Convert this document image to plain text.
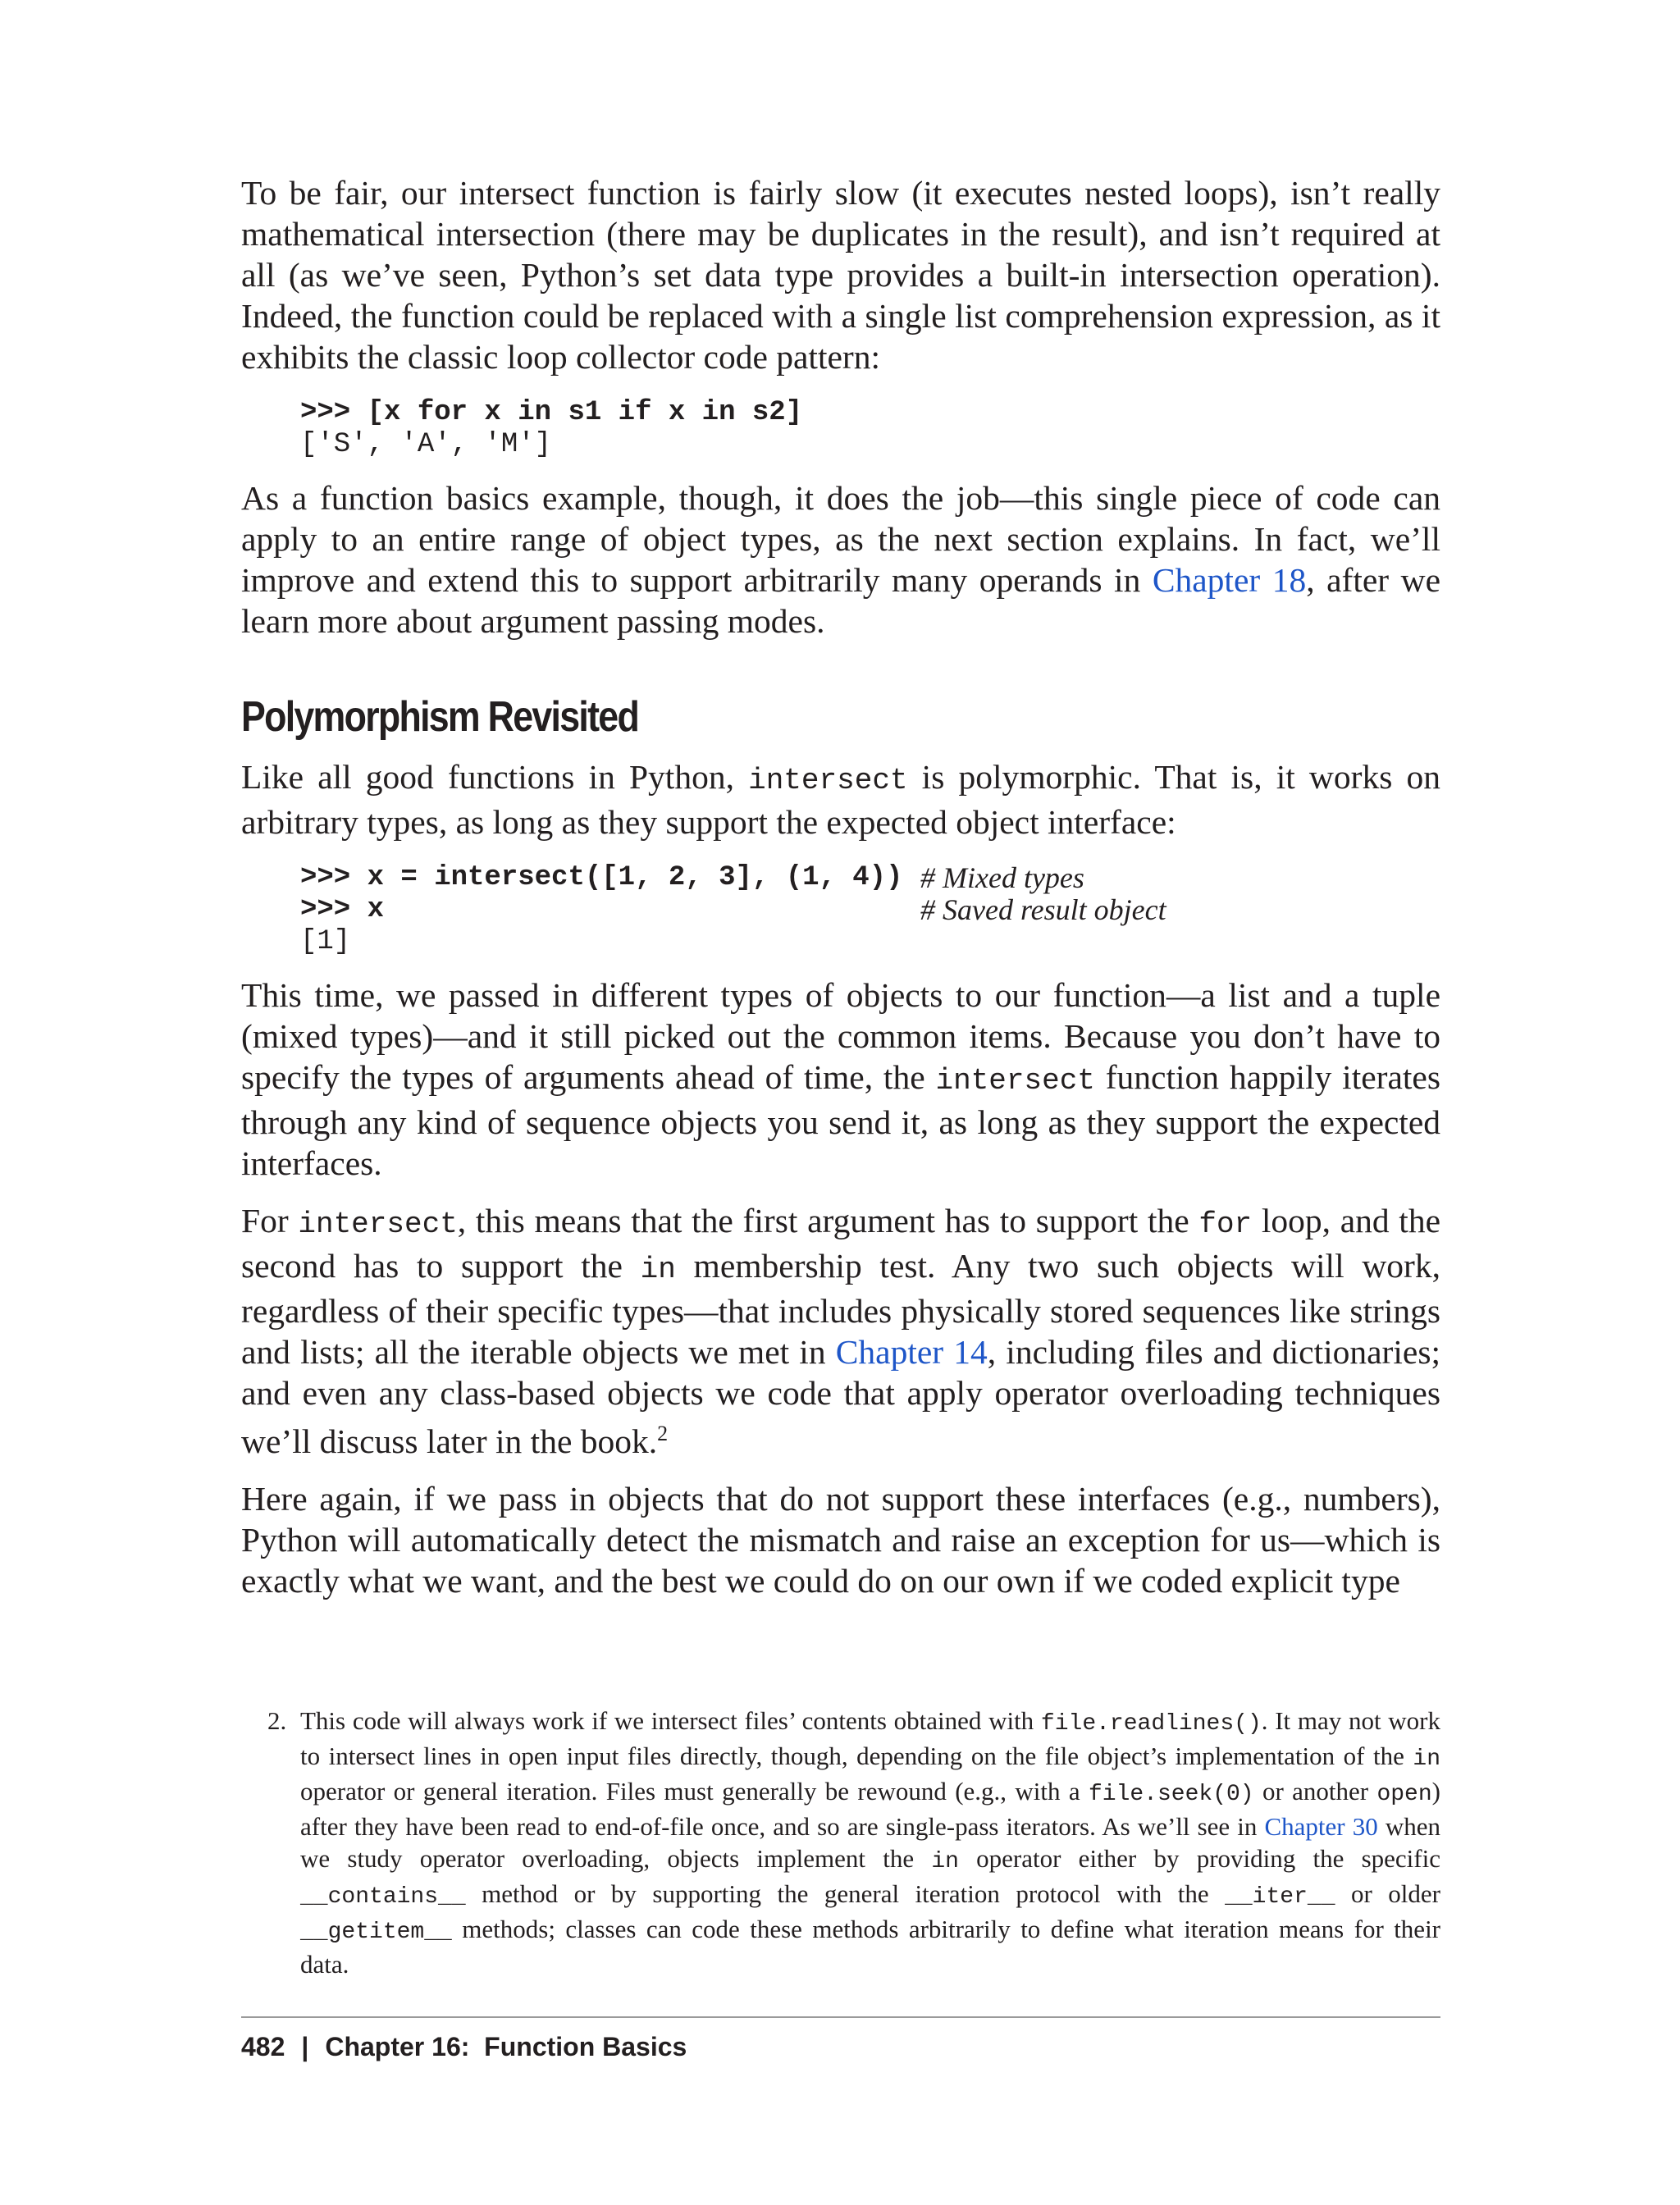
To be fair, our intersect function is fairly slow (it executes nested loops), isn’t really mathematical intersection (there may be duplicates in the result), and isn’t required at all (as we’ve seen, Python’s set data type provides a built-in intersection operation). Indeed, the function could be replaced with a single list comprehension expression, as it exhibits the classic loop collector code pattern:

>>> [x for x in s1 if x in s2]
['S', 'A', 'M']

As a function basics example, though, it does the job—this single piece of code can apply to an entire range of object types, as the next section explains. In fact, we’ll improve and extend this to support arbitrarily many operands in Chapter 18, after we learn more about argument passing modes.

Polymorphism Revisited

Like all good functions in Python, intersect is polymorphic. That is, it works on arbitrary types, as long as they support the expected object interface:

>>> x = intersect([1, 2, 3], (1, 4)) # Mixed types
>>> x	# Saved result object
[1]

This time, we passed in different types of objects to our function—a list and a tuple (mixed types)—and it still picked out the common items. Because you don’t have to specify the types of arguments ahead of time, the intersect function happily iterates through any kind of sequence objects you send it, as long as they support the expected interfaces.

For intersect, this means that the first argument has to support the for loop, and the second has to support the in membership test. Any two such objects will work, regardless of their specific types—that includes physically stored sequences like strings and lists; all the iterable objects we met in Chapter 14, including files and dictionaries; and even any class-based objects we code that apply operator overloading techniques we’ll discuss later in the book.$^2$

Here again, if we pass in objects that do not support these interfaces (e.g., numbers), Python will automatically detect the mismatch and raise an exception for us—which is exactly what we want, and the best we could do on our own if we coded explicit type

2. This code will always work if we intersect files’ contents obtained with file.readlines(). It may not work to intersect lines in open input files directly, though, depending on the file object’s implementation of the in operator or general iteration. Files must generally be rewound (e.g., with a file.seek(0) or another open) after they have been read to end-of-file once, and so are single-pass iterators. As we’ll see in Chapter 30 when we study operator overloading, objects implement the in operator either by providing the specific __contains__ method or by supporting the general iteration protocol with the __iter__ or older __getitem__ methods; classes can code these methods arbitrarily to define what iteration means for their data.
482 | Chapter 16:  Function Basics
